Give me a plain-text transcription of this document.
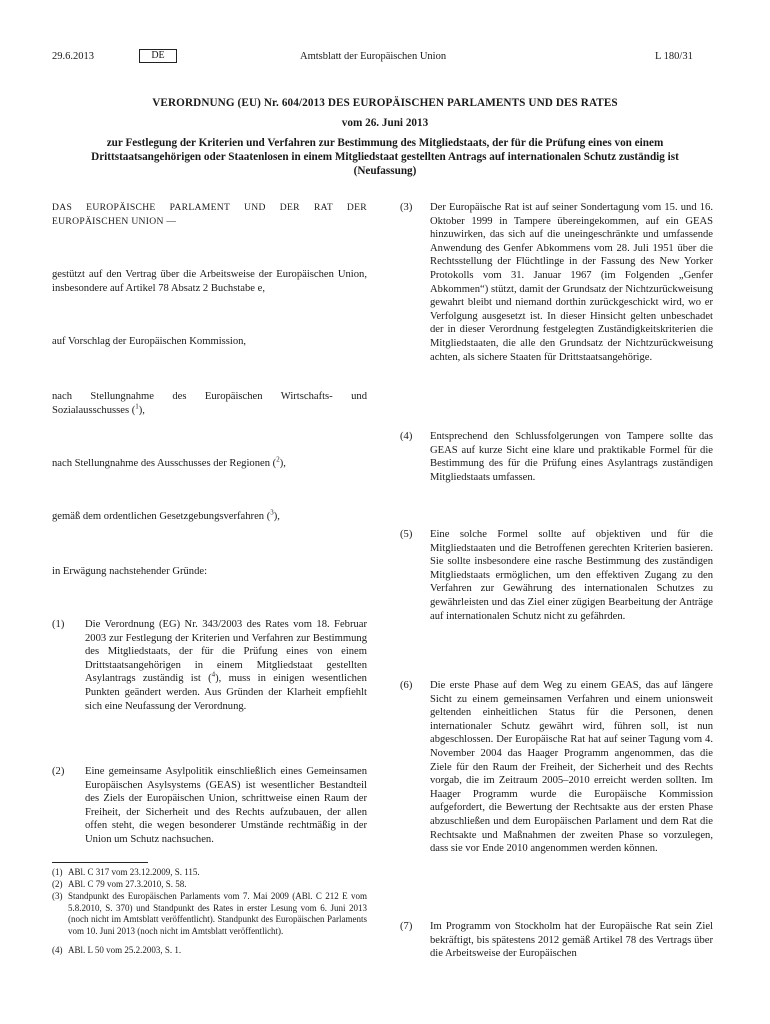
29.6.2013	DE	Amtsblatt der Europäischen Union	L 180/31
VERORDNUNG (EU) Nr. 604/2013 DES EUROPÄISCHEN PARLAMENTS UND DES RATES
vom 26. Juni 2013
zur Festlegung der Kriterien und Verfahren zur Bestimmung des Mitgliedstaats, der für die Prüfung eines von einem Drittstaatsangehörigen oder Staatenlosen in einem Mitgliedstaat gestellten Antrags auf internationalen Schutz zuständig ist (Neufassung)
DAS EUROPÄISCHE PARLAMENT UND DER RAT DER EUROPÄISCHEN UNION —
gestützt auf den Vertrag über die Arbeitsweise der Europäischen Union, insbesondere auf Artikel 78 Absatz 2 Buchstabe e,
auf Vorschlag der Europäischen Kommission,
nach Stellungnahme des Europäischen Wirtschafts- und Sozialausschusses ($^1$),
nach Stellungnahme des Ausschusses der Regionen ($^2$),
gemäß dem ordentlichen Gesetzgebungsverfahren ($^3$),
in Erwägung nachstehender Gründe:
(1) Die Verordnung (EG) Nr. 343/2003 des Rates vom 18. Februar 2003 zur Festlegung der Kriterien und Verfahren zur Bestimmung des Mitgliedstaats, der für die Prüfung eines von einem Drittstaatsangehörigen in einem Mitgliedstaat gestellten Asylantrags zuständig ist ($^4$), muss in einigen wesentlichen Punkten geändert werden. Aus Gründen der Klarheit empfiehlt sich eine Neufassung der Verordnung.
(2) Eine gemeinsame Asylpolitik einschließlich eines Gemeinsamen Europäischen Asylsystems (GEAS) ist wesentlicher Bestandteil des Ziels der Europäischen Union, schrittweise einen Raum der Freiheit, der Sicherheit und des Rechts aufzubauen, der allen offen steht, die wegen besonderer Umstände rechtmäßig in der Union um Schutz nachsuchen.
(1) ABl. C 317 vom 23.12.2009, S. 115.
(2) ABl. C 79 vom 27.3.2010, S. 58.
(3) Standpunkt des Europäischen Parlaments vom 7. Mai 2009 (ABl. C 212 E vom 5.8.2010, S. 370) und Standpunkt des Rates in erster Lesung vom 6. Juni 2013 (noch nicht im Amtsblatt veröffentlicht). Standpunkt des Europäischen Parlaments vom 10. Juni 2013 (noch nicht im Amtsblatt veröffentlicht).
(4) ABl. L 50 vom 25.2.2003, S. 1.
(3) Der Europäische Rat ist auf seiner Sondertagung vom 15. und 16. Oktober 1999 in Tampere übereingekommen, auf ein GEAS hinzuwirken, das sich auf die uneingeschränkte und umfassende Anwendung des Genfer Abkommens vom 28. Juli 1951 über die Rechtsstellung der Flüchtlinge in der Fassung des New Yorker Protokolls vom 31. Januar 1967 (im Folgenden „Genfer Abkommen“) stützt, damit der Grundsatz der Nichtzurückweisung gewahrt bleibt und niemand dorthin zurückgeschickt wird, wo er Verfolgung ausgesetzt ist. In dieser Hinsicht gelten unbeschadet der in dieser Verordnung festgelegten Zuständigkeitskriterien die Mitgliedstaaten, die alle den Grundsatz der Nichtzurückweisung achten, als sichere Staaten für Drittstaatsangehörige.
(4) Entsprechend den Schlussfolgerungen von Tampere sollte das GEAS auf kurze Sicht eine klare und praktikable Formel für die Bestimmung des für die Prüfung eines Asylantrags zuständigen Mitgliedstaats umfassen.
(5) Eine solche Formel sollte auf objektiven und für die Mitgliedstaaten und die Betroffenen gerechten Kriterien basieren. Sie sollte insbesondere eine rasche Bestimmung des zuständigen Mitgliedstaats ermöglichen, um den effektiven Zugang zu den Verfahren zur Gewährung des internationalen Schutzes zu gewährleisten und das Ziel einer zügigen Bearbeitung der Anträge auf internationalen Schutz nicht zu gefährden.
(6) Die erste Phase auf dem Weg zu einem GEAS, das auf längere Sicht zu einem gemeinsamen Verfahren und einem unionsweit geltenden einheitlichen Status für die Personen, denen internationaler Schutz gewährt wird, führen soll, ist nun abgeschlossen. Der Europäische Rat hat auf seiner Tagung vom 4. November 2004 das Haager Programm angenommen, das die Ziele für den Raum der Freiheit, der Sicherheit und des Rechts vorgab, die im Zeitraum 2005–2010 erreicht werden sollten. Im Haager Programm wurde die Europäische Kommission aufgefordert, die Bewertung der Rechtsakte aus der ersten Phase abzuschließen und dem Europäischen Parlament und dem Rat die Rechtsakte und Maßnahmen der zweiten Phase so vorzulegen, dass sie vor Ende 2010 angenommen werden können.
(7) Im Programm von Stockholm hat der Europäische Rat sein Ziel bekräftigt, bis spätestens 2012 gemäß Artikel 78 des Vertrags über die Arbeitsweise der Europäischen
